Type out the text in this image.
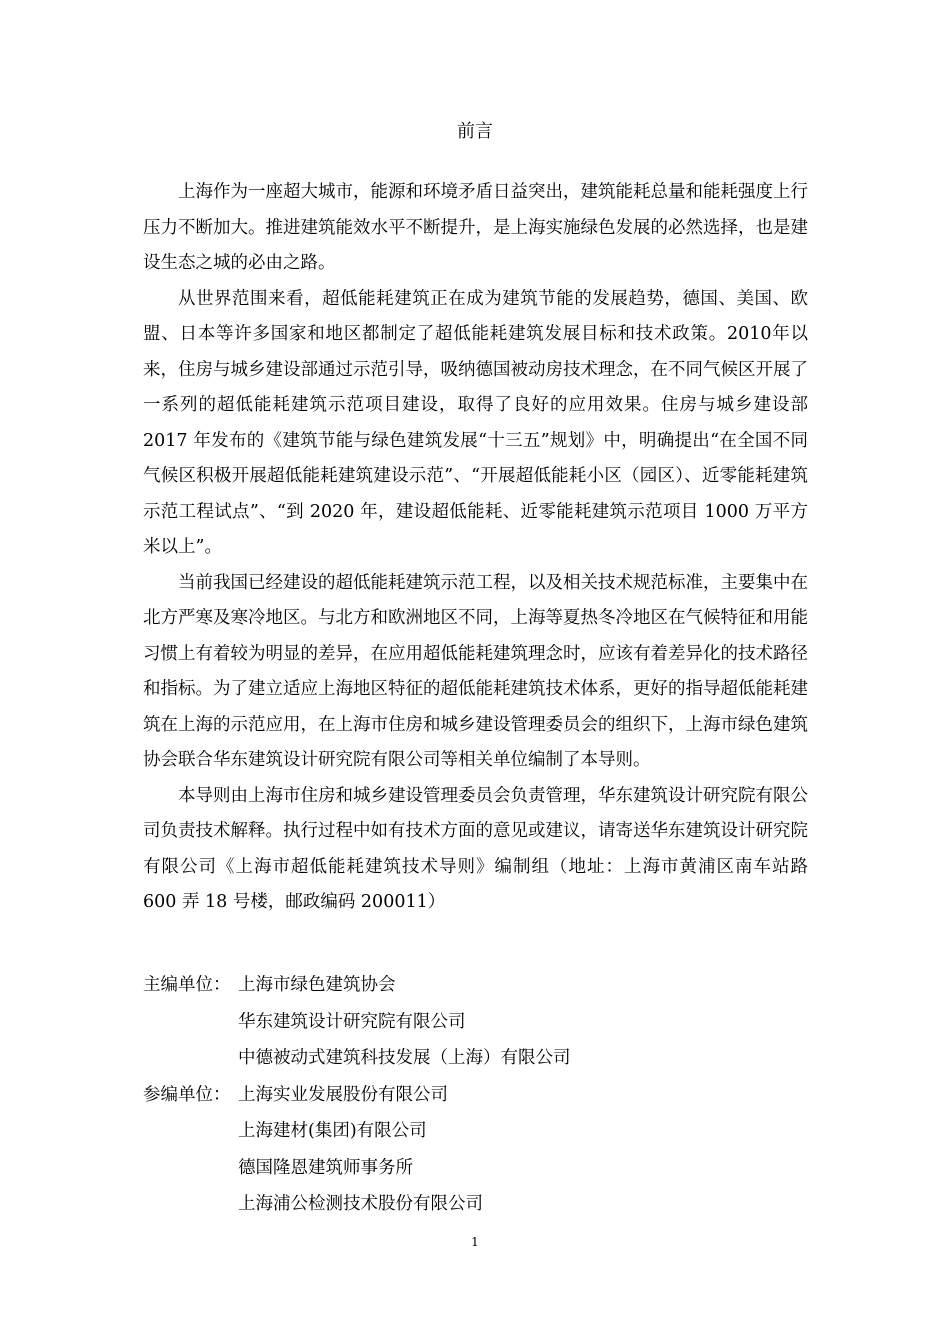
前言

上海作为一座超大城市，能源和环境矛盾日益突出，建筑能耗总量和能耗强度上行压力不断加大。推进建筑能效水平不断提升，是上海实施绿色发展的必然选择，也是建设生态之城的必由之路。

从世界范围来看，超低能耗建筑正在成为建筑节能的发展趋势，德国、美国、欧盟、日本等许多国家和地区都制定了超低能耗建筑发展目标和技术政策。2010年以来，住房与城乡建设部通过示范引导，吸纳德国被动房技术理念，在不同气候区开展了一系列的超低能耗建筑示范项目建设，取得了良好的应用效果。住房与城乡建设部 2017 年发布的《建筑节能与绿色建筑发展“十三五”规划》中，明确提出“在全国不同气候区积极开展超低能耗建筑建设示范”、“开展超低能耗小区（园区）、近零能耗建筑示范工程试点”、“到 2020 年，建设超低能耗、近零能耗建筑示范项目 1000 万平方米以上”。

当前我国已经建设的超低能耗建筑示范工程，以及相关技术规范标准，主要集中在北方严寒及寒冷地区。与北方和欧洲地区不同，上海等夏热冬冷地区在气候特征和用能习惯上有着较为明显的差异，在应用超低能耗建筑理念时，应该有着差异化的技术路径和指标。为了建立适应上海地区特征的超低能耗建筑技术体系，更好的指导超低能耗建筑在上海的示范应用，在上海市住房和城乡建设管理委员会的组织下，上海市绿色建筑协会联合华东建筑设计研究院有限公司等相关单位编制了本导则。

本导则由上海市住房和城乡建设管理委员会负责管理，华东建筑设计研究院有限公司负责技术解释。执行过程中如有技术方面的意见或建议，请寄送华东建筑设计研究院有限公司《上海市超低能耗建筑技术导则》编制组（地址：上海市黄浦区南车站路 600 弄 18 号楼，邮政编码 200011）

主编单位： 上海市绿色建筑协会
华东建筑设计研究院有限公司
中德被动式建筑科技发展（上海）有限公司
参编单位： 上海实业发展股份有限公司
上海建材(集团)有限公司
德国隆恩建筑师事务所
上海浦公检测技术股份有限公司
1
